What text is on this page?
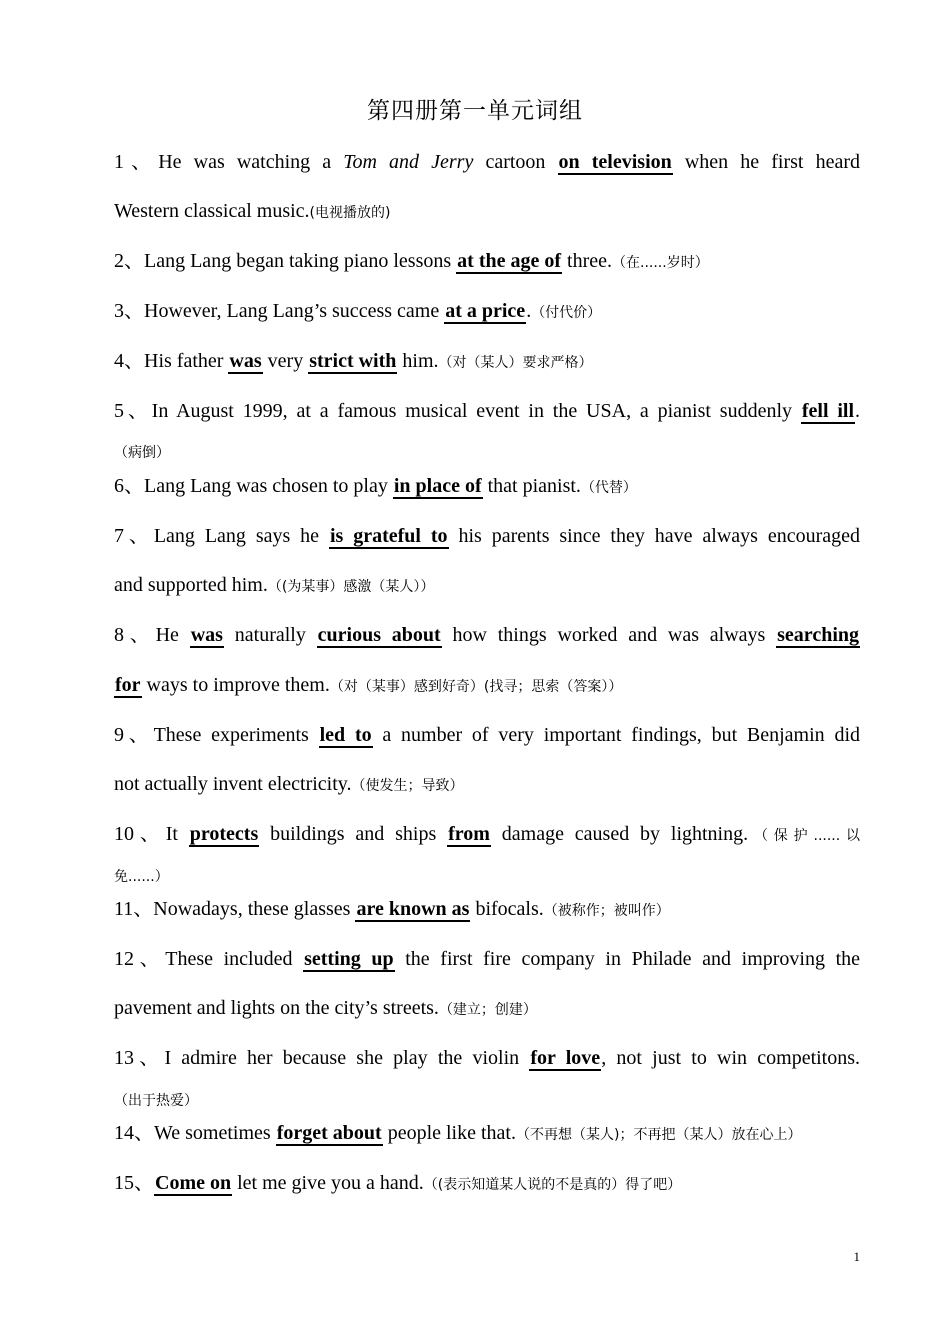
第四册第一单元词组
1、He was watching a Tom and Jerry cartoon on television when he first heard
Western classical music.(电视播放的)
2、Lang Lang began taking piano lessons at the age of three.（在......岁时）
3、However, Lang Lang’s success came at a price.（付代价）
4、His father was very strict with him.（对（某人）要求严格）
5、In August 1999, at a famous musical event in the USA, a pianist suddenly fell ill.
（病倒）
6、Lang Lang was chosen to play in place of that pianist.（代替）
7、Lang Lang says he is grateful to his parents since they have always encouraged
and supported him.（(为某事）感激（某人））
8、He was naturally curious about how things worked and was always searching
for ways to improve them.（对（某事）感到好奇）(找寻；思索（答案））
9、These experiments led to a number of very important findings, but Benjamin did
not actually invent electricity.（使发生；导致）
10、It protects buildings and ships from damage caused by lightning.（保护......以
免......）
11、Nowadays, these glasses are known as bifocals.（被称作；被叫作）
12、These included setting up the first fire company in Philade and improving the
pavement and lights on the city’s streets.（建立；创建）
13、I admire her because she play the violin for love, not just to win competitons.
（出于热爱）
14、We sometimes forget about people like that.（不再想（某人)；不再把（某人）放在心上）
15、Come on let me give you a hand.（(表示知道某人说的不是真的）得了吧）
1
